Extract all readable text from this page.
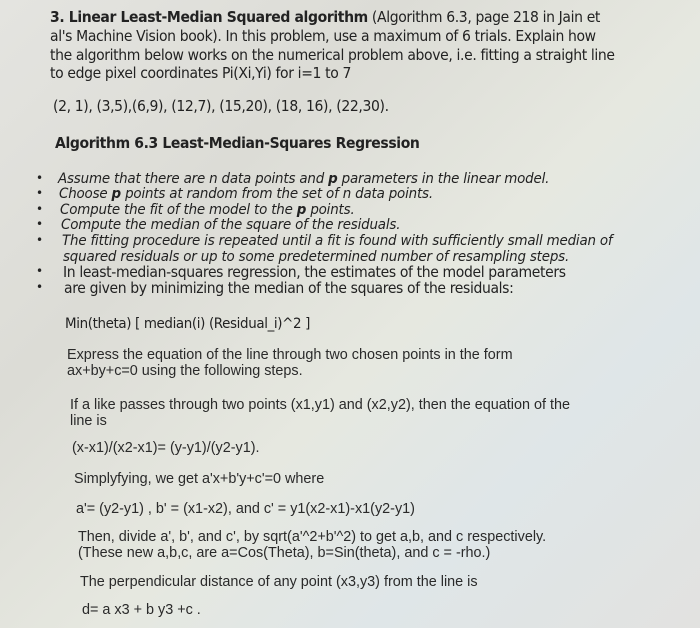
3. Linear Least-Median Squared algorithm (Algorithm 6.3, page 218 in Jain et
al's Machine Vision book). In this problem, use a maximum of 6 trials. Explain how
the algorithm below works on the numerical problem above, i.e. fitting a straight line
to edge pixel coordinates Pi(Xi,Yi) for i=1 to 7
(2, 1), (3,5),(6,9), (12,7), (15,20), (18, 16), (22,30).
Algorithm 6.3 Least-Median-Squares Regression
• Assume that there are n data points and p parameters in the linear model.
• Choose p points at random from the set of n data points.
• Compute the fit of the model to the p points.
• Compute the median of the square of the residuals.
• The fitting procedure is repeated until a fit is found with sufficiently small median of
squared residuals or up to some predetermined number of resampling steps.
• In least-median-squares regression, the estimates of the model parameters
• are given by minimizing the median of the squares of the residuals:
Min(theta) [ median(i) (Residual_i)^2 ]
Express the equation of the line through two chosen points in the form
ax+by+c=0 using the following steps.
If a like passes through two points (x1,y1) and (x2,y2), then the equation of the
line is
(x-x1)/(x2-x1)= (y-y1)/(y2-y1).
Simplyfying, we get a'x+b'y+c'=0 where
a'= (y2-y1) , b' = (x1-x2), and c' = y1(x2-x1)-x1(y2-y1)
Then, divide a', b', and c', by sqrt(a'^2+b'^2) to get a,b, and c respectively.
(These new a,b,c, are a=Cos(Theta), b=Sin(theta), and c = -rho.)
The perpendicular distance of any point (x3,y3) from the line is
d= a x3 + b y3 +c .
